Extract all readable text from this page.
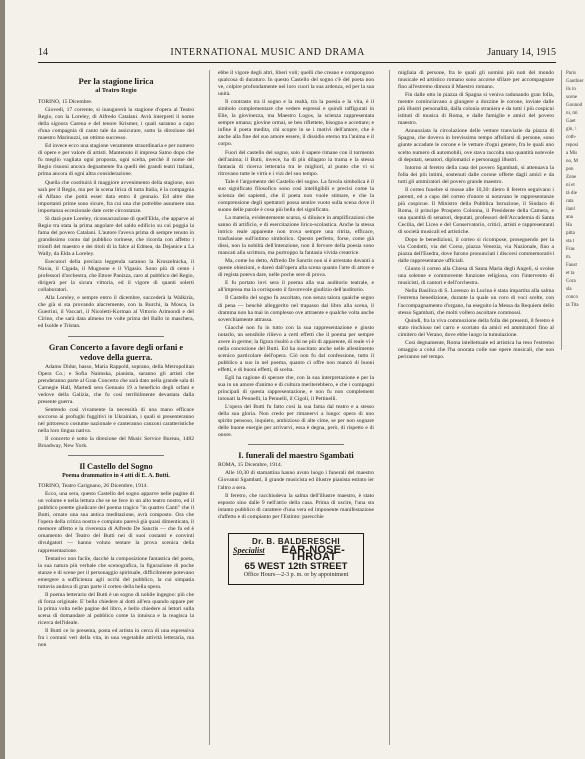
14	INTERNATIONAL MUSIC AND DRAMA	January 14, 1915
Per la stagione lirica
al Teatro Regio

TORINO, 15 Dicembre.

Giovedì, 17 corrente, si inaugurerà la stagione d'opera al Teatro Regio, con la Loreley, di Alfredo Catalani. Avrà interpreti il nome della signora Carena e del tenore Krismer, i quali saranno a capo d'una compagnia di canto tale da assicurare, sotto la direzione del maestro Marinuzzi, un ottimo successo.

Ed invece ecco una stagione veramente straordinaria e per numero di opere e per valore di artisti. Mantenuto il impresa Samo dopo che fu meglio vagliata ogni proposta, ogni scelta, perchè il nome del Regio risuoni ancora degnamente fra quelli dei grandi teatri italiani, prima ancora di ogni altra considerazione.

Quella che costituirà il maggiore avvenimento della stagione, non sarà per il Regio, ma per la scena lirica di tutta Italia, è la compagnia di Alfano che potrà esser data entro il gennaio. Ed altre due importanti prime sono sicure, fra cui una che potrebbe assumere una importanza eccezionale date certe circostanze.

Si darà pure Loreley, riconsacrazione di quell'Elda, che apparve al Regio tra stata la prima angolare del saldo edificio su cui poggia la fama del povero Catalani. L'autore l'aveva prima di sempre tenuto in grandissimo conto dal pubblico torinese, che ricorda con affetto i trionfi del maestro e dei titoli di la falce al Edmea, da Dejanice a La Wally, da Elda a Loreley.

Esecutori della preclara leggenda saranno la Kruszelnicka, il Naxia, il Cigada, il Mugnone e il Vigasio. Sono più di cento i professori d'orchestra, che Ettore Panizza, caro al pubblico del Regio, dirigerà per la sicura vittoria, ed il vigore di quanti solerti collaboratori.

Alla Loreley, e sempre entro il dicembre, succederà la Walkiria, che già si sta provando alacremente, con la Burchi, la Mosca, la Guerrini, il Vaccari, il Nicoletti-Korman al Vittorio Arimondi e del Cirino, che sarà data almeno tre volte prima del Ballo in maschera, ed Isolde e Tristan.

Gran Concerto a favore degli orfani e vedove della guerra.

Adamo Didur, basso, Maria Rappold, soprano, della Metropolitan Opera Co.; e Sofia Naimska, pianista, saranno gli artisti che prenderanno parte al Gran Concerto che sarà dato nella grande sala di Carnegie Hall, Martedì sera Gennaio 19 a beneficio degli orfani e vedove della Galizia, che fu così terribilmente devastata dalla presente guerra.

Sentendo così vivamente la necessità di una mano efficace soccorso ai profughi fuggitivi in Ukrainian, i quali si presenteranno nel pittoresco costume nazionale e canteranno canzoni caratteristiche nella loro lingua nativa.

Il concerto è sotto la direzione del Music Service Bureau, 1482 Broadway, New York.

Il Castello del Sogno
Poema drammatico in 4 atti di E. A. Butti.

TORINO, Teatro Carignano, 26 Dicembre, 1914.

Ecco, una sera, questo Castello del sogno apparve nelle pagine di un volume e nella lettura che se ne fece in un alto teatro nostro, ed il pubblico potette giudicare del poema tragico "in quattro Canti" che il Butti, ornato una sua antica meditazione, avrà composto. Ora che l'opera della critica nostra e compiuto parevà già quasi dimenticata, il memore affetto e la riverenza di Alfredo De Sanctis — che fu ed è ornamento del Teatro del Butti nei dì suoi costanti e convinti divulgatori — hanno voluto tentare la prova scenica della rappresentazione.

Tentativo non facile, dacchè la composizione fantastica del poeta, la sua natura più verbale che scenografica, la figurazione di poche stanze e di scene per il personaggio spirituale, difficilmente potevano emergere a sufficienza agli occhi del pubblico, la cui simpatia tuttavia andava di gran parte il corteo della bella opera.

Il poema letterario del Butti è un sogno di nobile ingegno: più che di forza originale. E' bello chiedere ai dotti all'era quando appare per la prima volta nelle pagine del libro, e bello chiedere ai lettori sulla scena di domandare al pubblico come la intuisca e la reagisca la ricerca dell'ideale.

Il Butti ce lo presenta, posta ed artista in cerca di una espressiva fra i comuni veri della vita, in una vegetabile attività letteraria, ma non

ebbe il vigore degli altri, liberi voli; quelli che creano e compongono qualcosa di duraturo. In questo Castello del sogno c'è del poeta non ve, colpire profondamente nei loro cuori la sua ardenza, ed per la sua unità.

Il contrasto tra il sogno e la realtà, tra la poesia e la vita, è il simbolo complementare che vedere espressi e quindi raffigurati in Elie, la giovinezza, ma Maestro Logos, la scienza rappresentata sempre umana; giovine ormai, se ben riflettete, bisogna e accettare; e infine il poeta medita, chi scopre in se i motivi dell'amore, che è anche alla fine del suo amore essere, il dissidio eterno tra l'anima e il corpo.

Fuori del castello del sogno, solo il sapere rimane con il tormento dell'anima; il Butti, invece, ha di più dilagato la trama e la stessa fantasia di ricerca letteraria tra le migliori, al punto che vi si ritrovano tutte le virtù e i vizi del suo tempo.

Tale è l'argomento del Castello del sogno. La favola simbolica è il suo significato filosofico sono così intelligibili e precisi come la scienza dei sapienti, che il poeta non vuole stimare, e che la comprensione degli spettatori possa sentire vuoto sulla scena dove il suono delle parole è cosa più bella del significato.

La materia, evidentemente scarsa, si diluisce in amplificazioni che sanno di artificio, e di esercitazione lirico-scolastica. Anche la stessa intrico reale apparente non trova sempre una ritrita, efficace, trasfusione sull'intimo simbolico. Questo perfetto, forse, come già dissi, non la nobiltà dell'intenzione, non il fervore della poesia sono mancati alla scrittura, ma purtroppo la fantasia vivida creatrice.

Ma, come ho detto, Alfredo De Sanctis non si è arrestato davanti a queste obiezioni, e dareò dall'opera alla scena quanto l'arte di attore e di regista poteva dare, nelle poche sere di prova.

E fu portato invi sera il poema alla sua auditorio teatrale, e all'impresa ma la corrisposto il favorevole giudizio dell'auditorio.

Il Castello del sogno fu ascoltato, non senza talora qualche segno di pena — benchè alleggerito nel trapasso dal libro alla scena, il dramma non ha mai in complesso ove attraente e qualche volta anche soverchiamente attrassa.

Giacchè non fu in tutto con la sua rappresentazione e giusto notarlo, un sensibile rilievo a certi effetti che il poema per sempre avere in germe; la figura risultò a chi ne più di apparente, di reale vi è nella concezione del Butti. Ed ha suscitato anche nelle allestimento scenico particolare dell'opera. Ciò non fu dal confessione, tutto il pubblico a suo in nel poema, quanto ci offre non mancò di buoni effetti, e di buoni effetti, di scelta.

Egli ha ragione di sperare che, con la sua interpretazione e per la sua in un amore d'animo e di cultura meriterebbero, e che i compagni principali di questa rappresentazione, e non fu non complement intonati la Pennelli, la Pennelli, il Cigoli, il Pettinelli.

L'opera del Butti fu fatto così la sua fama dal teatro e a stesso della sua gloria. Non credo per rimanervi a lungo: opera di uno spirito pensoso, inquieto, ambizioso di alte cime, se per non sognare delle buone energie per arrivarvi, essa è degna, però, di rispetto e di onore.

I. funerali del maestro Sgambati

ROMA, 15 Dicembre, 1914.

Alle 10,30 di stamattina hanno avuto luogo i funerali del maestro Giovanni Sgambati, il grande musicista ed illustre pianista estinto ier l'altro a sera.

Il feretro, che racchiudeva la salma dell'illustre maestro, è stato esposto sino dalle 9 nell'atrio della casa. Prima di uscire, l'una sta intanto pubblico di carattere d'una vera ed imponente manifestazione d'affetto e di compianto per l'Estinto: parecchie

Dr. B. BALDERESCHI
Specialist	EAR-NOSE-THROAT
65 WEST 12th STREET
Office Hours—2-3 p. m. or by appointment

migliaia di persone, fra le quali gli uomini più noti del mondo musicale ed artistico romano sono accorse sfilare per accompagnare fino all'estremo dimora il Maestro romano.

Fin dalle otto in piazza di Spagna si veniva radunando gran folla, mentre cominciavano a giungere a dozzine le corone, inviate dalle più illustri personalità, dalla colonia straniera e da tutti i più cospicui istituti di musica di Roma, e dalle famiglie e amici del povero maestro.

Annunziata la circolazione delle vetture tranviarie da piazza di Spagna, che doveva in brevissimo tempo affollarsi di persone, sono giunte accadute le corone e le vetture d'ogni genere, fra le quali uno scelto numero di automobili, ove stava raccolta una quantità notevole di deputati, senatori, diplomatici e personaggi illustri.

Intorno al feretro della casa del povero Sgambati, si attenuava la folla dei più intimi, sostenuti dalle corone offerte dagli amici e da tutti gli ammiratori del povero grande maestro.

Il corteo funebre si mosse alle 10,30: dietro il feretro seguivano i parenti, ed a capo del corteo d'onore si notavano le rappresentanze più cospicue. Il Ministro della Pubblica Istruzione, il Sindaco di Roma, il principe Prospero Colonna, il Presidente della Camera, e una quantità di senatori, deputati, professori dell'Accademia di Santa Cecilia, del Liceo e del Conservatorio, critici, artisti e rappresentanti di società musicali ed artistiche.

Dopo le benedizioni, il corteo si ricompose, proseguendo per la via Condotti, via del Corso, piazza Venezia, via Nazionale, fino a piazza dell'Esedra, dove furono pronunciati i discorsi commemorativi dalle rappresentanze ufficiali.

Giunto il corteo alla Chiesa di Santa Maria degli Angeli, si svolse una solenne e commovente funzione religiosa, con l'intervento di musicisti, di cantori e dell'orchestra.

Nella Basilica di S. Lorenzo in Lucina è stata impartita alla salma l'estrema benedizione, durante la quale un coro di voci scelte, con l'accompagnamento d'organo, ha eseguito la Messa da Requiem dello stesso Sgambati, che molti vollero ascoltare commossi.

Quindi, fra la viva commozione della folla dei presenti, il feretro è stato rinchiuso nel carro e scortato da amici ed ammiratori fino al cimitero del Verano, dove ebbe luogo la tumulazione.

Così degnamente, Roma intellettuale ed artistica ha reso l'estremo omaggio a colui che l'ha onorata colle sue opere musicali, che non periranno nel tempo.

Paris
Gauthier
ils in
scene
Gounod
ni, mi
Gaet
gin, \
coth-
reposi
a Mis
no, M
pon
Zone
ni et
tà die
rata
ilanl
ana
Ha
pitta
sta t
Fras
m.
Faust
et ta
Cora
sla
conco
ta Tita
